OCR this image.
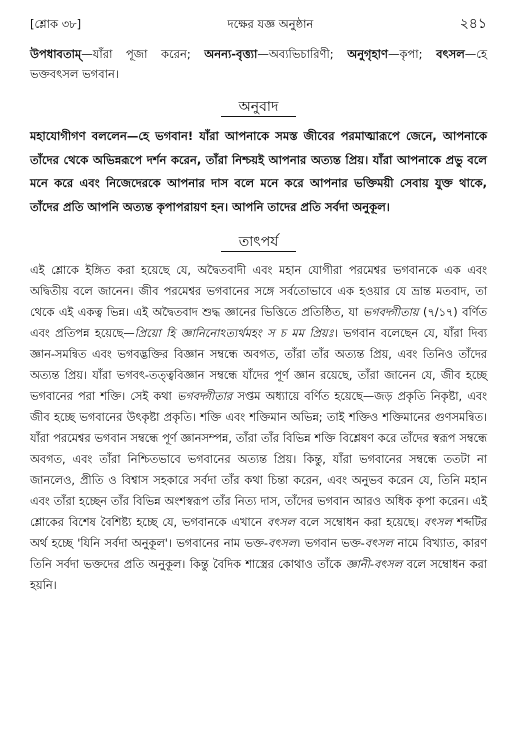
[শ্লোক ৩৮]	দক্ষের যজ্ঞ অনুষ্ঠান	২৪১

উপধাবতাম্—যাঁরা পূজা করেন; অনন্য-বৃত্ত্যা—অব্যভিচারিণী; অনুগৃহাণ—কৃপা; বৎসল—হে ভক্তবৎসল ভগবান।

অনুবাদ

মহাযোগীগণ বললেন—হে ভগবান! যাঁরা আপনাকে সমস্ত জীবের পরমাত্মারূপে জেনে, আপনাকে তাঁদের থেকে অভিন্নরূপে দর্শন করেন, তাঁরা নিশ্চয়ই আপনার অত্যন্ত প্রিয়। যাঁরা আপনাকে প্রভু বলে মনে করে এবং নিজেদেরকে আপনার দাস বলে মনে করে আপনার ভক্তিময়ী সেবায় যুক্ত থাকে, তাঁদের প্রতি আপনি অত্যন্ত কৃপাপরায়ণ হন। আপনি তাদের প্রতি সর্বদা অনুকূল।

তাৎপর্য

এই শ্লোকে ইঙ্গিত করা হয়েছে যে, অদ্বৈতবাদী এবং মহান যোগীরা পরমেশ্বর ভগবানকে এক এবং অদ্বিতীয় বলে জানেন। জীব পরমেশ্বর ভগবানের সঙ্গে সর্বতোভাবে এক হওয়ার যে ভ্রান্ত মতবাদ, তা থেকে এই একত্ব ভিন্ন। এই অদ্বৈতবাদ শুদ্ধ জ্ঞানের ভিত্তিতে প্রতিষ্ঠিত, যা ভগবদ্গীতায় (৭/১৭) বর্ণিত এবং প্রতিপন্ন হয়েছে—প্রিয়ো হি জ্ঞানিনোঽত্যর্থমহং স চ মম প্রিয়ঃ। ভগবান বলেছেন যে, যাঁরা দিব্য জ্ঞান-সমন্বিত এবং ভগবদ্ভক্তির বিজ্ঞান সম্বন্ধে অবগত, তাঁরা তাঁর অত্যন্ত প্রিয়, এবং তিনিও তাঁদের অত্যন্ত প্রিয়। যাঁরা ভগবৎ-তত্ত্ববিজ্ঞান সম্বন্ধে যাঁদের পূর্ণ জ্ঞান রয়েছে, তাঁরা জানেন যে, জীব হচ্ছে ভগবানের পরা শক্তি। সেই কথা ভগবদ্গীতার সপ্তম অধ্যায়ে বর্ণিত হয়েছে—জড় প্রকৃতি নিকৃষ্টা, এবং জীব হচ্ছে ভগবানের উৎকৃষ্টা প্রকৃতি। শক্তি এবং শক্তিমান অভিন্ন; তাই শক্তিও শক্তিমানের গুণসমন্বিত। যাঁরা পরমেশ্বর ভগবান সম্বন্ধে পূর্ণ জ্ঞানসম্পন্ন, তাঁরা তাঁর বিভিন্ন শক্তি বিশ্লেষণ করে তাঁদের স্বরূপ সম্বন্ধে অবগত, এবং তাঁরা নিশ্চিতভাবে ভগবানের অত্যন্ত প্রিয়। কিন্তু, যাঁরা ভগবানের সম্বন্ধে ততটা না জানলেও, প্রীতি ও বিশ্বাস সহকারে সর্বদা তাঁর কথা চিন্তা করেন, এবং অনুভব করেন যে, তিনি মহান এবং তাঁরা হচ্ছেন তাঁর বিভিন্ন অংশস্বরূপ তাঁর নিত্য দাস, তাঁদের ভগবান আরও অধিক কৃপা করেন। এই শ্লোকের বিশেষ বৈশিষ্ট্য হচ্ছে যে, ভগবানকে এখানে বৎসল বলে সম্বোধন করা হয়েছে। বৎসল শব্দটির অর্থ হচ্ছে 'যিনি সর্বদা অনুকূল'। ভগবানের নাম ভক্ত-বৎসল। ভগবান ভক্ত-বৎসল নামে বিখ্যাত, কারণ তিনি সর্বদা ভক্তদের প্রতি অনুকূল। কিন্তু বৈদিক শাস্ত্রের কোথাও তাঁকে জ্ঞানী-বৎসল বলে সম্বোধন করা হয়নি।
